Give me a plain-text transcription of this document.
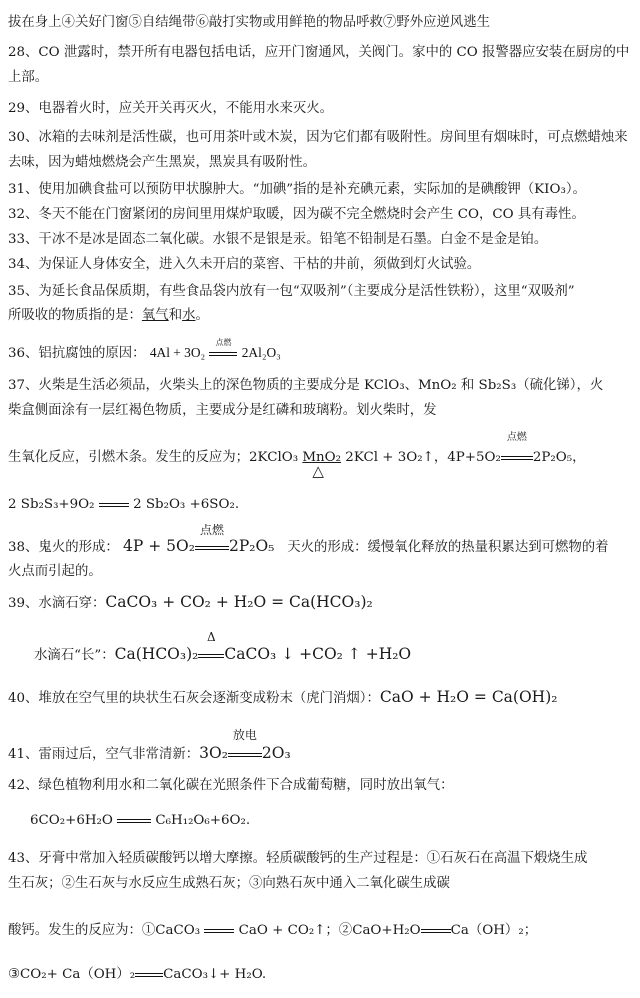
拔在身上④关好门窗⑤自结绳带⑥敲打实物或用鲜艳的物品呼救⑦野外应逆风逃生
28、CO 泄露时，禁开所有电器包括电话，应开门窗通风，关阀门。家中的 CO 报警器应安装在厨房的中上部。
29、电器着火时，应关开关再灭火，不能用水来灭火。
30、冰箱的去味剂是活性碳，也可用茶叶或木炭，因为它们都有吸附性。房间里有烟味时，可点燃蜡烛来去味，因为蜡烛燃烧会产生黑炭，黑炭具有吸附性。
31、使用加碘食盐可以预防甲状腺肿大。“加碘”指的是补充碘元素，实际加的是碘酸钾（KIO₃）。
32、冬天不能在门窗紧闭的房间里用煤炉取暖，因为碳不完全燃烧时会产生 CO，CO 具有毒性。
33、干冰不是冰是固态二氧化碳。水银不是银是汞。铅笔不铅制是石墨。白金不是金是铂。
34、为保证人身体安全，进入久未开启的菜窖、干枯的井前，须做到灯火试验。
35、为延长食品保质期，有些食品袋内放有一包“双吸剂”（主要成分是活性铁粉），这里“双吸剂”
所吸收的物质指的是：氧气和水。
36、铝抗腐蚀的原因： 4Al + 3O₂
点燃
2Al₂O₃
37、火柴是生活必须品，火柴头上的深色物质的主要成分是 KClO₃、MnO₂ 和 Sb₂S₃（硫化锑），火
柴盒侧面涂有一层红褐色物质，主要成分是红磷和玻璃粉。划火柴时，发
生氧化反应，引燃木条。发生的反应为；2KClO₃ MnO₂
△
2KCl + 3O₂↑，4P+5O₂
点燃
2P₂O₅，
2 Sb₂S₃+9O₂	2 Sb₂O₃ +6SO₂.
38、鬼火的形成： 4P + 5O₂
点燃
2P₂O₅ 天火的形成：缓慢氧化释放的热量积累达到可燃物的着
火点而引起的。
39、水滴石穿：CaCO₃ + CO₂ + H₂O = Ca(HCO₃)₂
水滴石“长”：Ca(HCO₃)₂
Δ
CaCO₃ ↓ +CO₂ ↑ +H₂O
40、堆放在空气里的块状生石灰会逐渐变成粉末（虎门消烟）：CaO + H₂O = Ca(OH)₂
41、雷雨过后，空气非常清新：3O₂
放电
2O₃
42、绿色植物利用水和二氧化碳在光照条件下合成葡萄糖，同时放出氧气：
6CO₂+6H₂O	C₆H₁₂O₆+6O₂.
43、牙膏中常加入轻质碳酸钙以增大摩擦。轻质碳酸钙的生产过程是：①石灰石在高温下煅烧生成
生石灰；②生石灰与水反应生成熟石灰；③向熟石灰中通入二氧化碳生成碳
酸钙。发生的反应为：①CaCO₃	CaO + CO₂↑；②CaO+H₂O Ca（OH）₂；
③CO₂+ Ca（OH）₂ CaCO₃↓+ H₂O.
